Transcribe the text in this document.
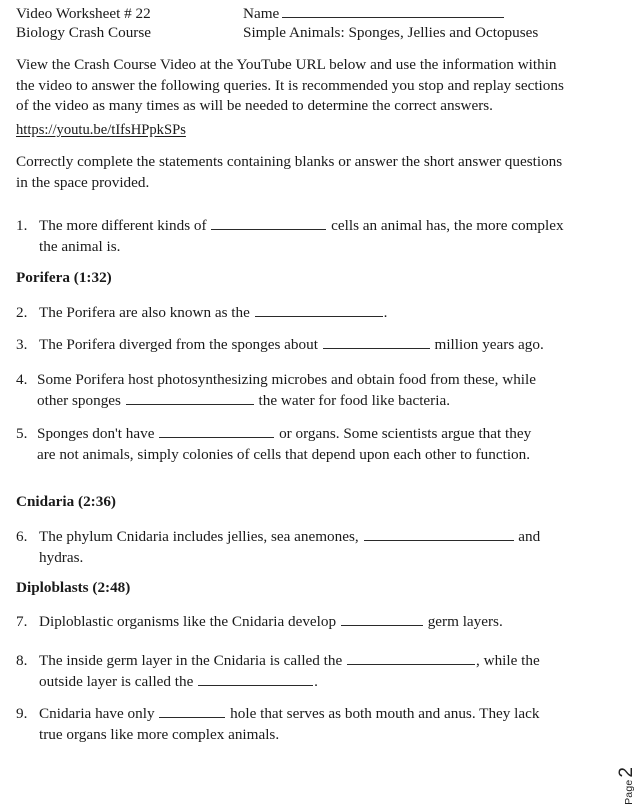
Video Worksheet # 22	Name
Biology Crash Course	Simple Animals: Sponges, Jellies and Octopuses
View the Crash Course Video at the YouTube URL below and use the information within the video to answer the following queries. It is recommended you stop and replay sections of the video as many times as will be needed to determine the correct answers.
https://youtu.be/tIfsHPpkSPs
Correctly complete the statements containing blanks or answer the short answer questions in the space provided.
1. The more different kinds of	cells an animal has, the more complex the animal is.
Porifera (1:32)
2. The Porifera are also known as the	.
3. The Porifera diverged from the sponges about	million years ago.
4. Some Porifera host photosynthesizing microbes and obtain food from these, while other sponges	the water for food like bacteria.
5. Sponges don't have	or organs. Some scientists argue that they are not animals, simply colonies of cells that depend upon each other to function.
Cnidaria (2:36)
6. The phylum Cnidaria includes jellies, sea anemones,	and hydras.
Diploblasts (2:48)
7. Diploblastic organisms like the Cnidaria develop	germ layers.
8. The inside germ layer in the Cnidaria is called the	, while the outside layer is called the	.
9. Cnidaria have only	hole that serves as both mouth and anus. They lack true organs like more complex animals.
Page
2
